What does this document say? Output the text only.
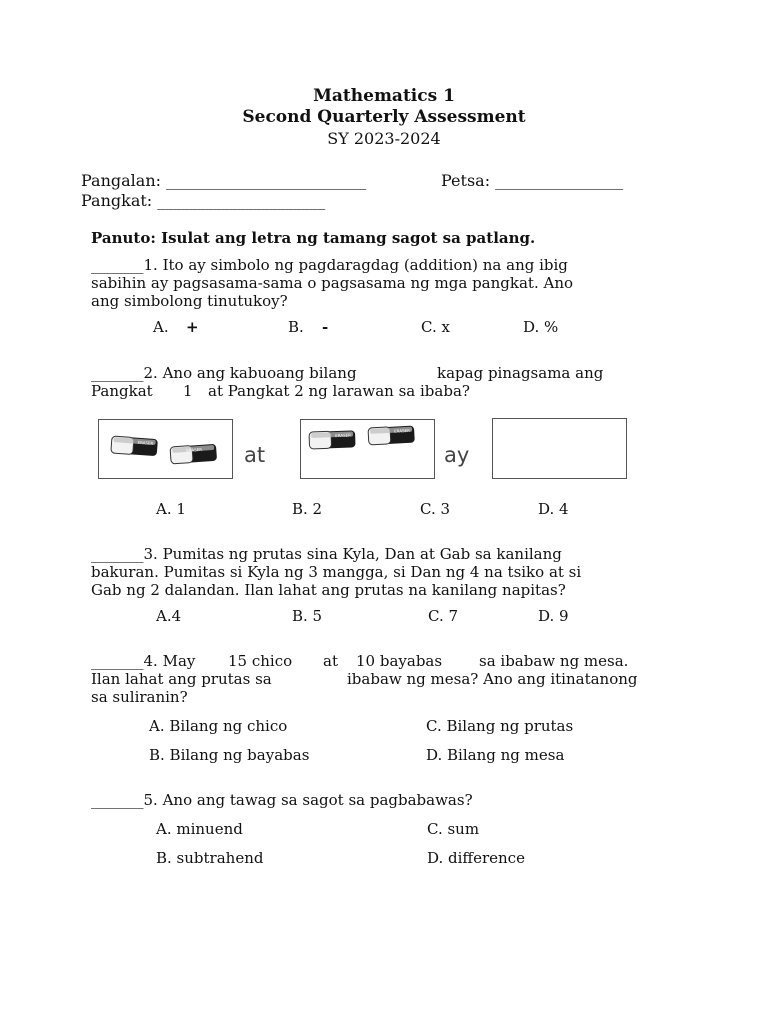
Mathematics 1
Second Quarterly Assessment
SY 2023-2024
Pangalan: _________________________	Petsa: ________________
Pangkat: _____________________
Panuto: Isulat ang letra ng tamang sagot sa patlang.
_______1. Ito ay simbolo ng pagdaragdag (addition) na ang ibig
sabihin ay pagsasama-sama o pagsasama ng mga pangkat. Ano
ang simbolong tinutukoy?
A. +	B. -	C. x	D. %
_______2. Ano ang kabuoang bilang	kapag pinagsama ang
Pangkat 1 at Pangkat 2 ng larawan sa ibaba?
ERASER
ERASER at
ERASER
ERASER
ay
A. 1	B. 2	C. 3	D. 4
_______3. Pumitas ng prutas sina Kyla, Dan at Gab sa kanilang
bakuran. Pumitas si Kyla ng 3 mangga, si Dan ng 4 na tsiko at si
Gab ng 2 dalandan. Ilan lahat ang prutas na kanilang napitas?
A.4	B. 5	C. 7	D. 9
_______4. May 15 chico at 10 bayabas sa ibabaw ng mesa.
Ilan lahat ang prutas sa	ibabaw ng mesa? Ano ang itinatanong
sa suliranin?
A. Bilang ng chico	C. Bilang ng prutas
B. Bilang ng bayabas	D. Bilang ng mesa
_______5. Ano ang tawag sa sagot sa pagbabawas?
A. minuend	C. sum
B. subtrahend	D. difference
